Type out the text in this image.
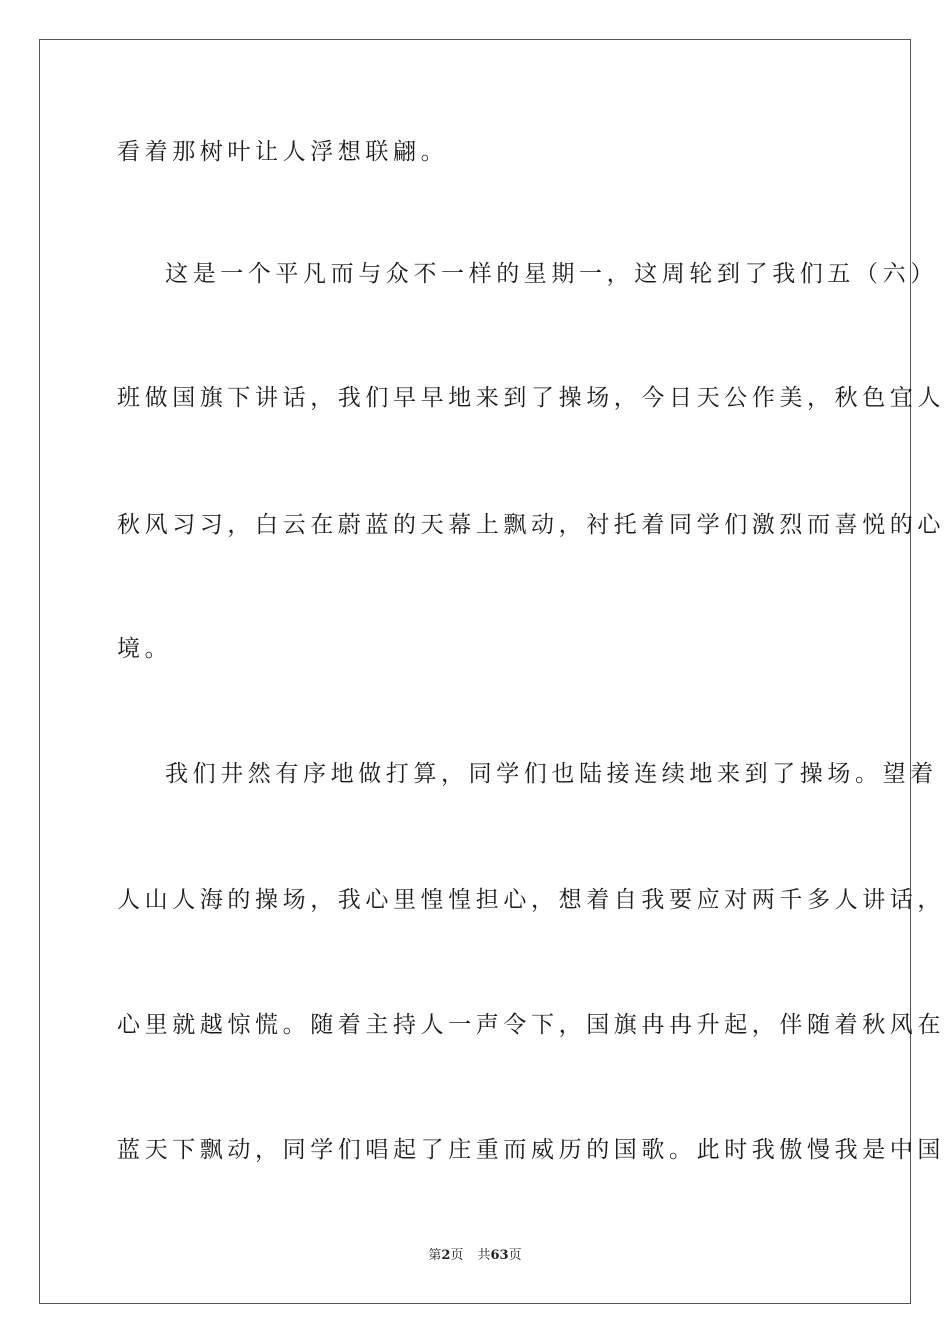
看着那树叶让人浮想联翩。
这是一个平凡而与众不一样的星期一，这周轮到了我们五（六）
班做国旗下讲话，我们早早地来到了操场，今日天公作美，秋色宜人
秋风习习，白云在蔚蓝的天幕上飘动，衬托着同学们激烈而喜悦的心
境。
我们井然有序地做打算，同学们也陆接连续地来到了操场。望着
人山人海的操场，我心里惶惶担心，想着自我要应对两千多人讲话，
心里就越惊慌。随着主持人一声令下，国旗冉冉升起，伴随着秋风在
蓝天下飘动，同学们唱起了庄重而威历的国歌。此时我傲慢我是中国
第2页 共63页
